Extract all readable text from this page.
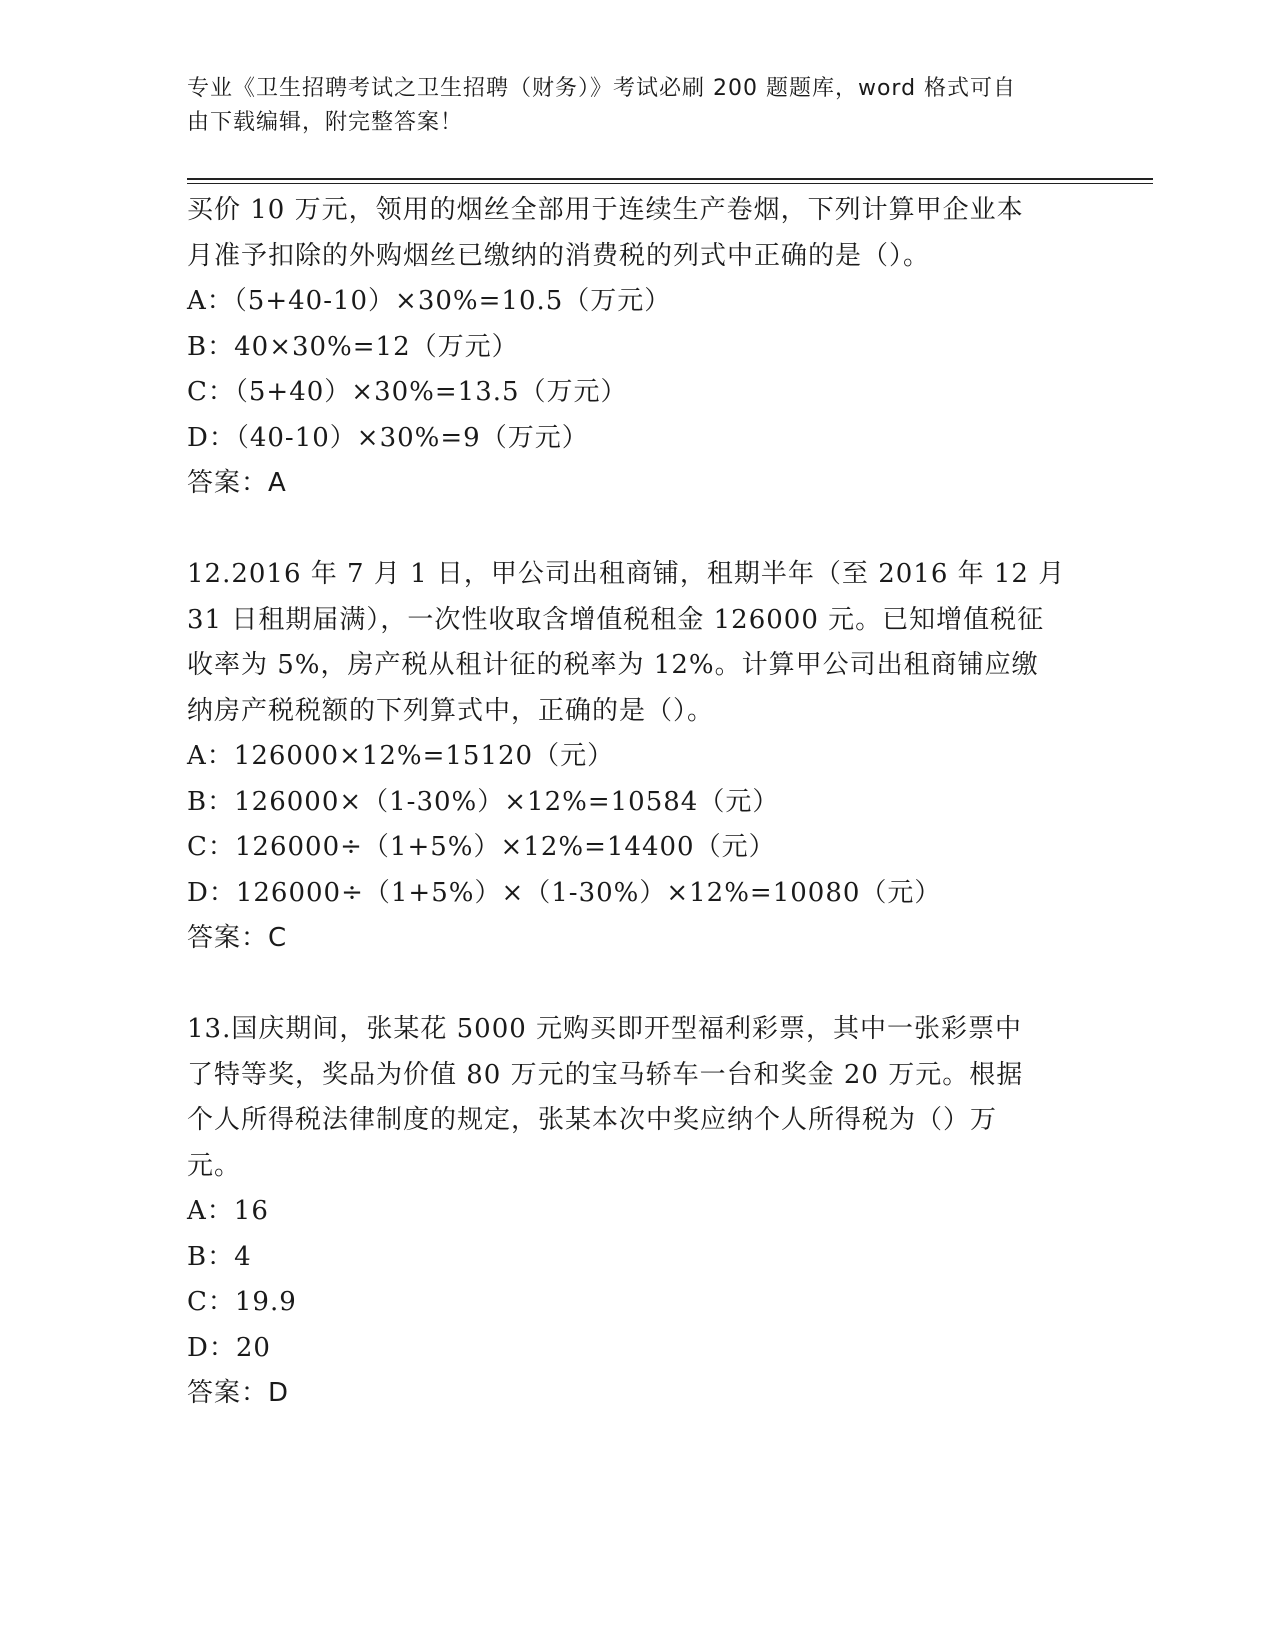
专业《卫生招聘考试之卫生招聘（财务）》考试必刷 200 题题库，word 格式可自
由下载编辑，附完整答案！
买价 10 万元，领用的烟丝全部用于连续生产卷烟，下列计算甲企业本
月准予扣除的外购烟丝已缴纳的消费税的列式中正确的是（）。
A：（5+40-10）×30%=10.5（万元）
B：40×30%=12（万元）
C：（5+40）×30%=13.5（万元）
D：（40-10）×30%=9（万元）
答案：A
12.2016 年 7 月 1 日，甲公司出租商铺，租期半年（至 2016 年 12 月
31 日租期届满），一次性收取含增值税租金 126000 元。已知增值税征
收率为 5%，房产税从租计征的税率为 12%。计算甲公司出租商铺应缴
纳房产税税额的下列算式中，正确的是（）。
A：126000×12%=15120（元）
B：126000×（1-30%）×12%=10584（元）
C：126000÷（1+5%）×12%=14400（元）
D：126000÷（1+5%）×（1-30%）×12%=10080（元）
答案：C
13.国庆期间，张某花 5000 元购买即开型福利彩票，其中一张彩票中
了特等奖，奖品为价值 80 万元的宝马轿车一台和奖金 20 万元。根据
个人所得税法律制度的规定，张某本次中奖应纳个人所得税为（）万
元。
A：16
B：4
C：19.9
D：20
答案：D
